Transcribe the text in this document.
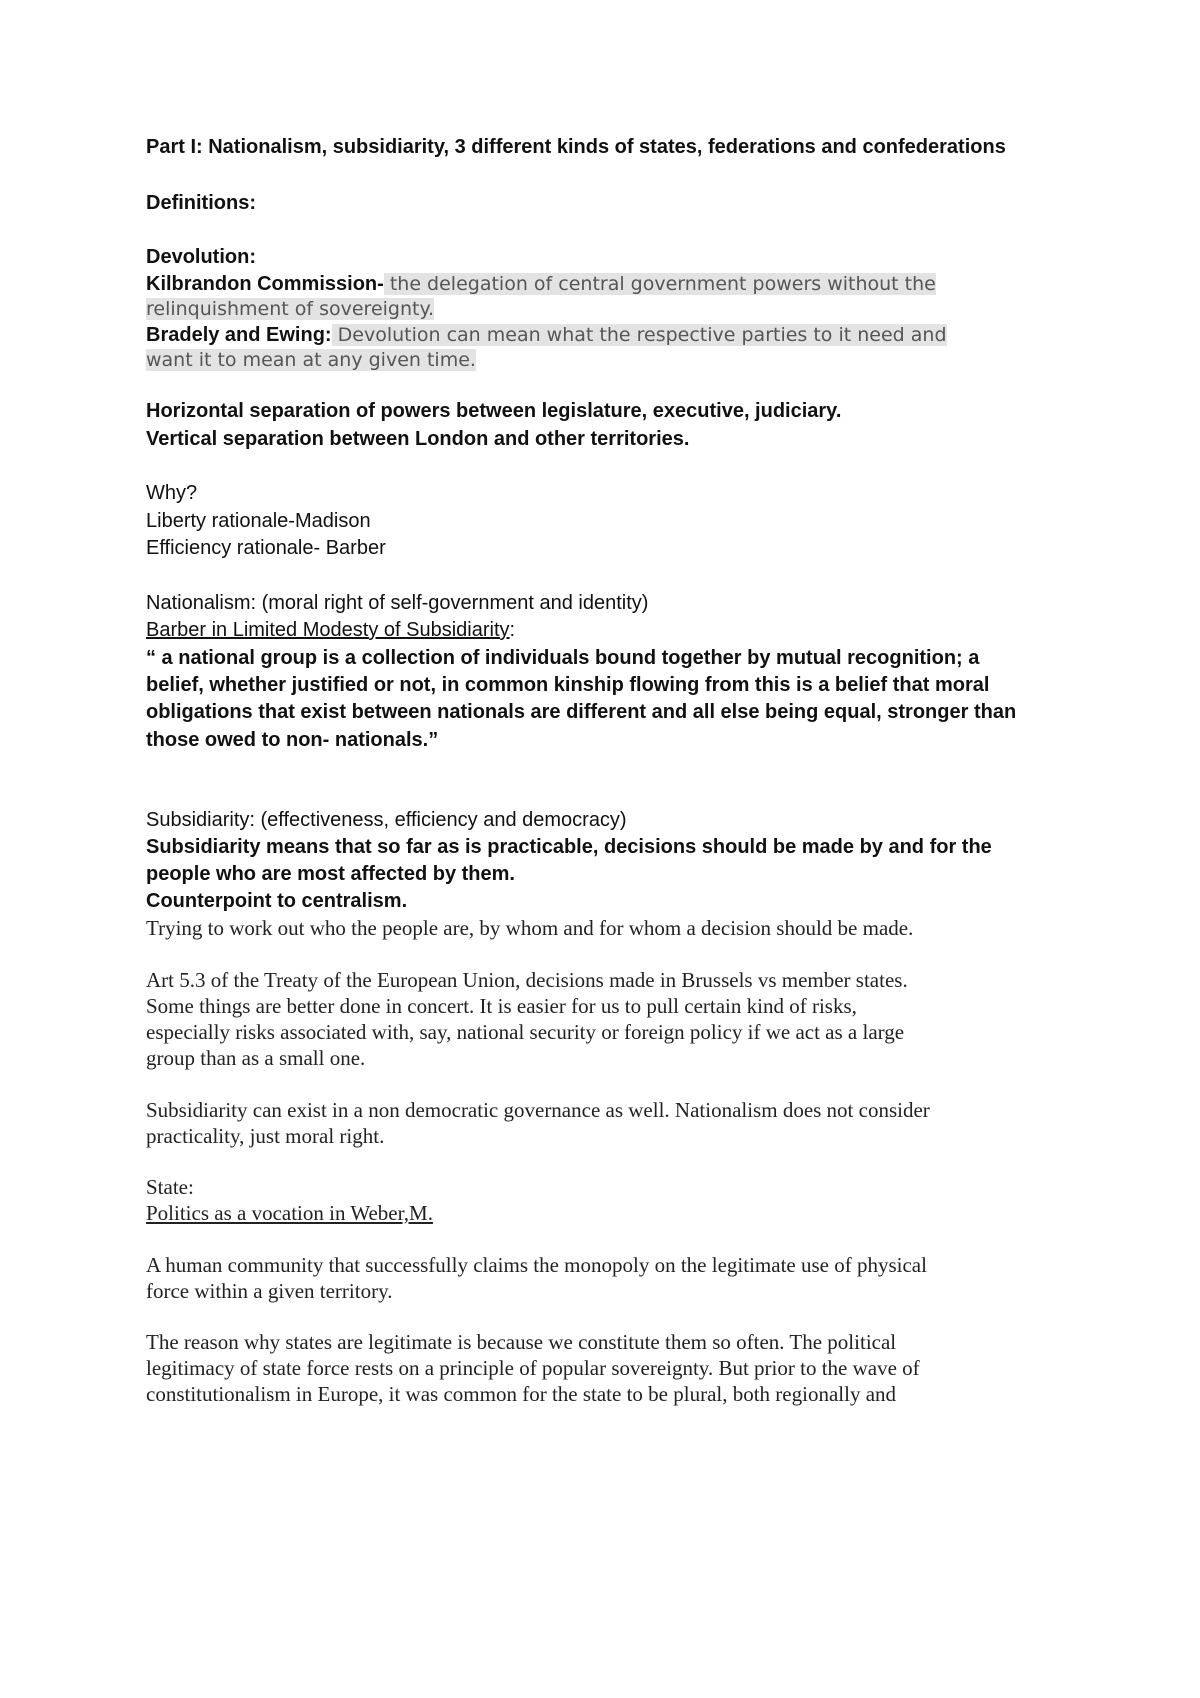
Part I: Nationalism, subsidiarity, 3 different kinds of states, federations and confederations
Definitions:
Devolution:
Kilbrandon Commission- the delegation of central government powers without the
relinquishment of sovereignty.
Bradely and Ewing: Devolution can mean what the respective parties to it need and
want it to mean at any given time.
Horizontal separation of powers between legislature, executive, judiciary.
Vertical separation between London and other territories.
Why?
Liberty rationale-Madison
Efficiency rationale- Barber
Nationalism: (moral right of self-government and identity)
Barber in Limited Modesty of Subsidiarity:
“ a national group is a collection of individuals bound together by mutual recognition; a
belief, whether justified or not, in common kinship flowing from this is a belief that moral
obligations that exist between nationals are different and all else being equal, stronger than
those owed to non- nationals.”
Subsidiarity: (effectiveness, efficiency and democracy)
Subsidiarity means that so far as is practicable, decisions should be made by and for the
people who are most affected by them.
Counterpoint to centralism.
Trying to work out who the people are, by whom and for whom a decision should be made.
Art 5.3 of the Treaty of the European Union, decisions made in Brussels vs member states.
Some things are better done in concert. It is easier for us to pull certain kind of risks,
especially risks associated with, say, national security or foreign policy if we act as a large
group than as a small one.
Subsidiarity can exist in a non democratic governance as well. Nationalism does not consider
practicality, just moral right.
State:
Politics as a vocation in Weber,M.
A human community that successfully claims the monopoly on the legitimate use of physical
force within a given territory.
The reason why states are legitimate is because we constitute them so often. The political
legitimacy of state force rests on a principle of popular sovereignty. But prior to the wave of
constitutionalism in Europe, it was common for the state to be plural, both regionally and
